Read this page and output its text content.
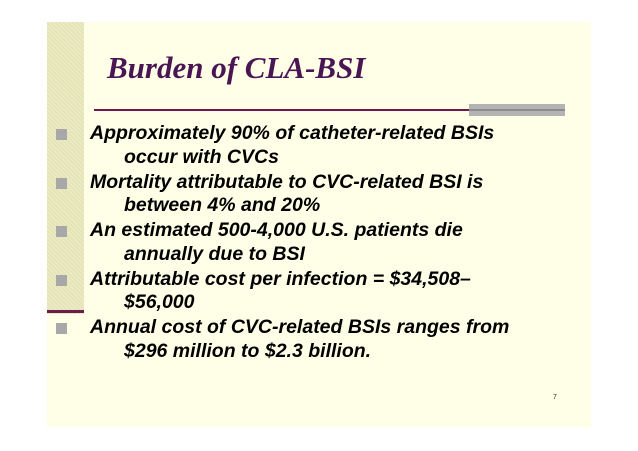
Burden of CLA-BSI
Approximately 90% of catheter-related BSIs
occur with CVCs
Mortality attributable to CVC-related BSI is
between 4% and 20%
An estimated 500-4,000 U.S. patients die
annually due to BSI
Attributable cost per infection = $34,508–
$56,000
Annual cost of CVC-related BSIs ranges from
$296 million to $2.3 billion.
7
